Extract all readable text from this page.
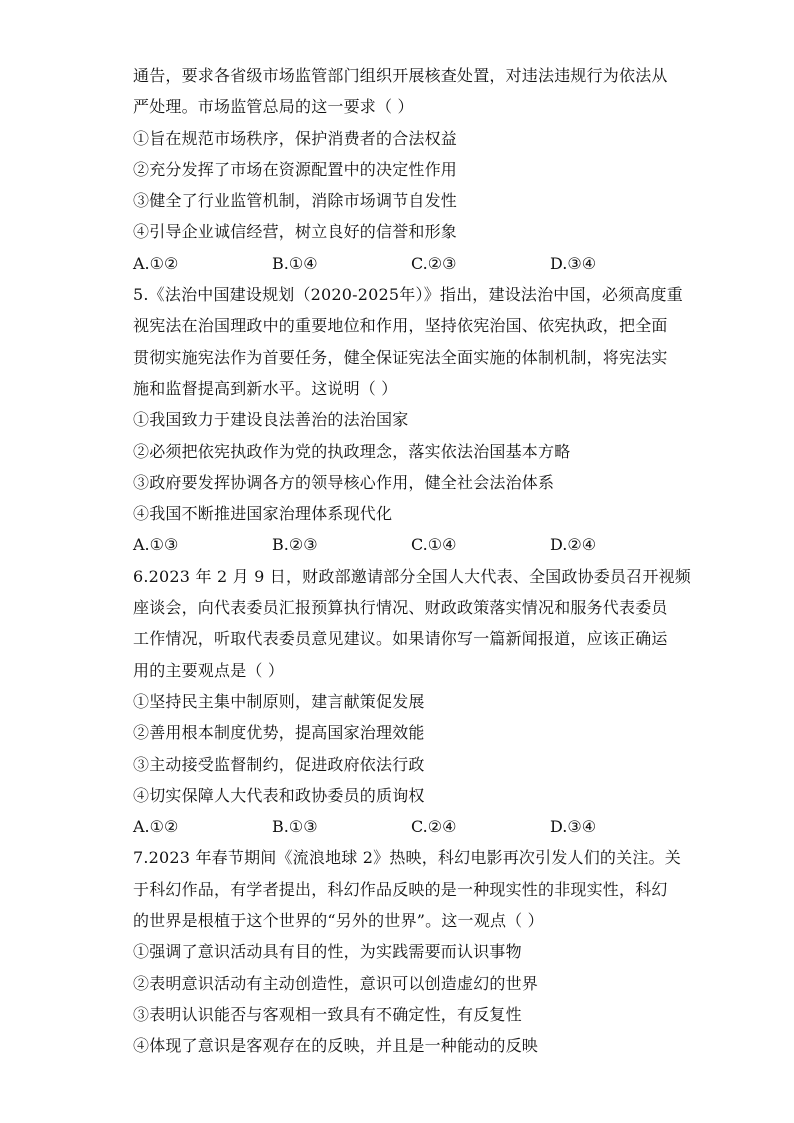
通告，要求各省级市场监管部门组织开展核查处置，对违法违规行为依法从
严处理。市场监管总局的这一要求（ ）
①旨在规范市场秩序，保护消费者的合法权益
②充分发挥了市场在资源配置中的决定性作用
③健全了行业监管机制，消除市场调节自发性
④引导企业诚信经营，树立良好的信誉和形象
A.①②	B.①④	C.②③	D.③④
5.《法治中国建设规划（2020-2025年）》指出，建设法治中国，必须高度重
视宪法在治国理政中的重要地位和作用，坚持依宪治国、依宪执政，把全面
贯彻实施宪法作为首要任务，健全保证宪法全面实施的体制机制，将宪法实
施和监督提高到新水平。这说明（ ）
①我国致力于建设良法善治的法治国家
②必须把依宪执政作为党的执政理念，落实依法治国基本方略
③政府要发挥协调各方的领导核心作用，健全社会法治体系
④我国不断推进国家治理体系现代化
A.①③	B.②③	C.①④	D.②④
6.2023 年 2 月 9 日，财政部邀请部分全国人大代表、全国政协委员召开视频
座谈会，向代表委员汇报预算执行情况、财政政策落实情况和服务代表委员
工作情况，听取代表委员意见建议。如果请你写一篇新闻报道，应该正确运
用的主要观点是（ ）
①坚持民主集中制原则，建言献策促发展
②善用根本制度优势，提高国家治理效能
③主动接受监督制约，促进政府依法行政
④切实保障人大代表和政协委员的质询权
A.①②	B.①③	C.②④	D.③④
7.2023 年春节期间《流浪地球 2》热映，科幻电影再次引发人们的关注。关
于科幻作品，有学者提出，科幻作品反映的是一种现实性的非现实性，科幻
的世界是根植于这个世界的“另外的世界”。这一观点（ ）
①强调了意识活动具有目的性，为实践需要而认识事物
②表明意识活动有主动创造性，意识可以创造虚幻的世界
③表明认识能否与客观相一致具有不确定性，有反复性
④体现了意识是客观存在的反映，并且是一种能动的反映
